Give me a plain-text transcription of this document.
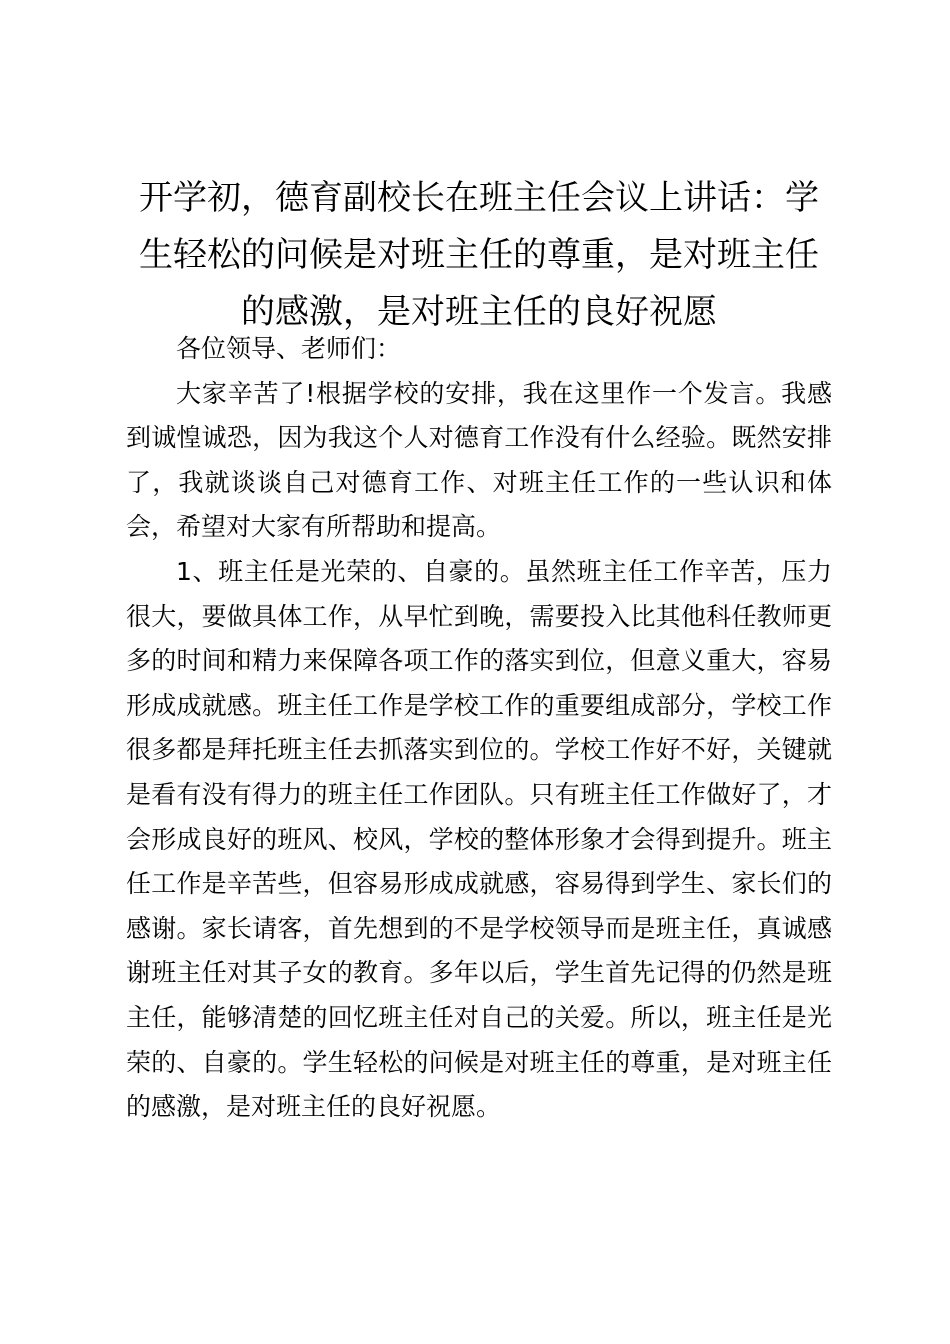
开学初，德育副校长在班主任会议上讲话：学生轻松的问候是对班主任的尊重，是对班主任的感激，是对班主任的良好祝愿

各位领导、老师们：

大家辛苦了!根据学校的安排，我在这里作一个发言。我感到诚惶诚恐，因为我这个人对德育工作没有什么经验。既然安排了，我就谈谈自己对德育工作、对班主任工作的一些认识和体会，希望对大家有所帮助和提高。

1、班主任是光荣的、自豪的。虽然班主任工作辛苦，压力很大，要做具体工作，从早忙到晚，需要投入比其他科任教师更多的时间和精力来保障各项工作的落实到位，但意义重大，容易形成成就感。班主任工作是学校工作的重要组成部分，学校工作很多都是拜托班主任去抓落实到位的。学校工作好不好，关键就是看有没有得力的班主任工作团队。只有班主任工作做好了，才会形成良好的班风、校风，学校的整体形象才会得到提升。班主任工作是辛苦些，但容易形成成就感，容易得到学生、家长们的感谢。家长请客，首先想到的不是学校领导而是班主任，真诚感谢班主任对其子女的教育。多年以后，学生首先记得的仍然是班主任，能够清楚的回忆班主任对自己的关爱。所以，班主任是光荣的、自豪的。学生轻松的问候是对班主任的尊重，是对班主任的感激，是对班主任的良好祝愿。
